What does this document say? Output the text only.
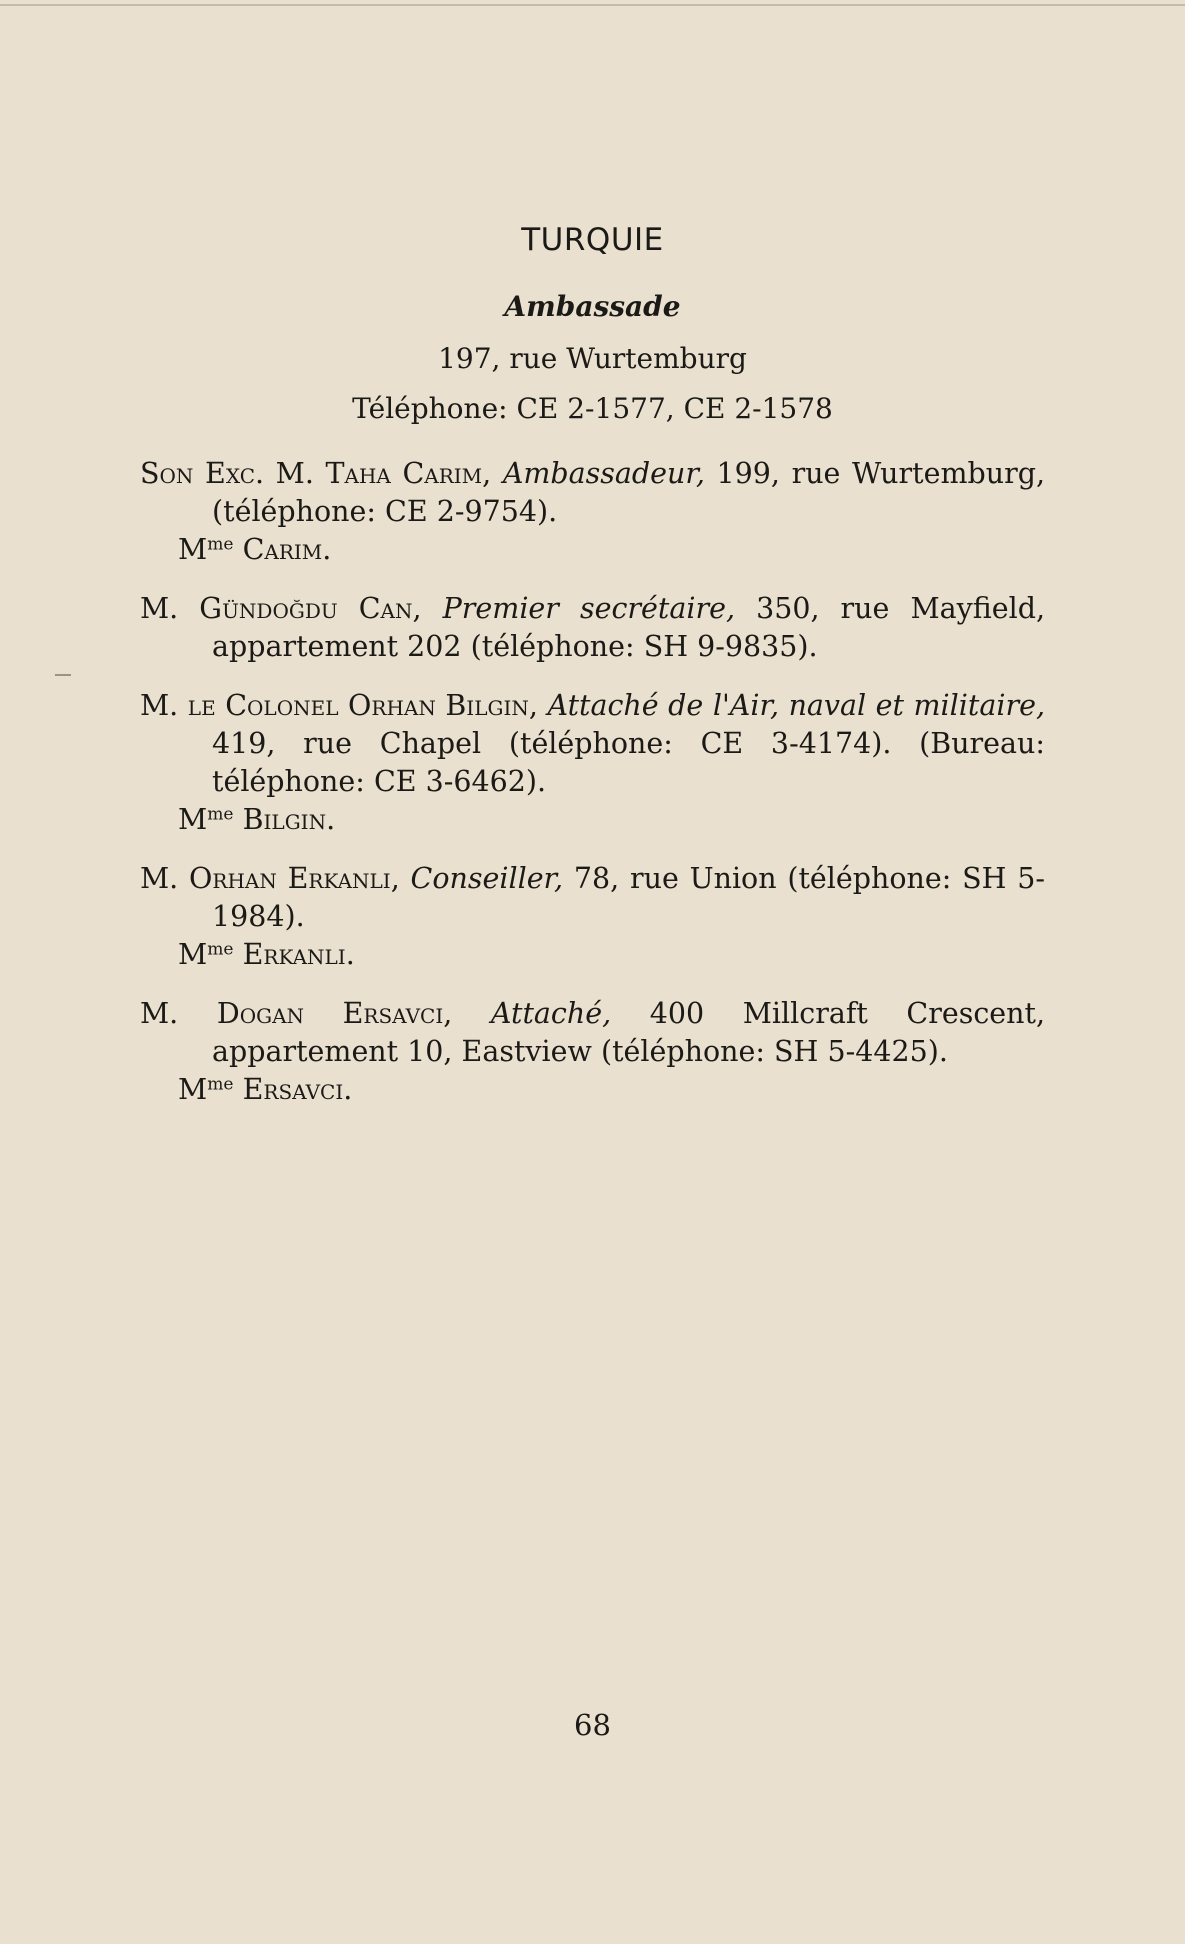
TURQUIE
Ambassade
197, rue Wurtemburg
Téléphone: CE 2-1577, CE 2-1578
Son Exc. M. Taha Carim, Ambassadeur, 199, rue Wurtemburg, (téléphone: CE 2-9754).
$M^{me}$ Carim.
M. Gündoğdu Can, Premier secrétaire, 350, rue Mayfield, appartement 202 (téléphone: SH 9-9835).
M. le Colonel Orhan Bilgin, Attaché de l'Air, naval et militaire, 419, rue Chapel (téléphone: CE 3-4174). (Bureau: téléphone: CE 3-6462).
$M^{me}$ Bilgin.
M. Orhan Erkanli, Conseiller, 78, rue Union (téléphone: SH 5-1984).
$M^{me}$ Erkanli.
M. Dogan Ersavci, Attaché, 400 Millcraft Crescent, appartement 10, Eastview (téléphone: SH 5-4425).
$M^{me}$ Ersavci.
68
